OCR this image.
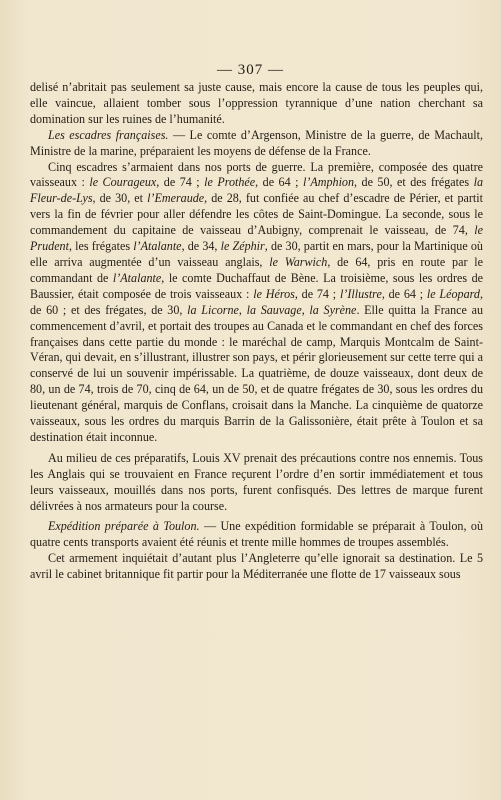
— 307 —

delisé n’abritait pas seulement sa juste cause, mais encore la cause de tous les peuples qui, elle vaincue, allaient tomber sous l’oppression tyrannique d’une nation cherchant sa domination sur les ruines de l’humanité.

Les escadres françaises. — Le comte d’Argenson, Ministre de la guerre, de Machault, Ministre de la marine, préparaient les moyens de défense de la France.

Cinq escadres s’armaient dans nos ports de guerre. La première, composée des quatre vaisseaux : le Courageux, de 74 ; le Prothée, de 64 ; l’Amphion, de 50, et des frégates la Fleur-de-Lys, de 30, et l’Emeraude, de 28, fut confiée au chef d’escadre de Périer, et partit vers la fin de février pour aller défendre les côtes de Saint-Domingue. La seconde, sous le commandement du capitaine de vaisseau d’Aubigny, comprenait le vaisseau, de 74, le Prudent, les frégates l’Atalante, de 34, le Zéphir, de 30, partit en mars, pour la Martinique où elle arriva augmentée d’un vaisseau anglais, le Warwich, de 64, pris en route par le commandant de l’Atalante, le comte Duchaffaut de Bène. La troisième, sous les ordres de Baussier, était composée de trois vaisseaux : le Héros, de 74 ; l’Illustre, de 64 ; le Léopard, de 60 ; et des frégates, de 30, la Licorne, la Sauvage, la Syrène. Elle quitta la France au commencement d’avril, et portait des troupes au Canada et le commandant en chef des forces françaises dans cette partie du monde : le maréchal de camp, Marquis Montcalm de Saint-Véran, qui devait, en s’illustrant, illustrer son pays, et périr glorieusement sur cette terre qui a conservé de lui un souvenir impérissable. La quatrième, de douze vaisseaux, dont deux de 80, un de 74, trois de 70, cinq de 64, un de 50, et de quatre frégates de 30, sous les ordres du lieutenant général, marquis de Conflans, croisait dans la Manche. La cinquième de quatorze vaisseaux, sous les ordres du marquis Barrin de la Galissonière, était prête à Toulon et sa destination était inconnue.

Au milieu de ces préparatifs, Louis XV prenait des précautions contre nos ennemis. Tous les Anglais qui se trouvaient en France reçurent l’ordre d’en sortir immédiatement et tous leurs vaisseaux, mouillés dans nos ports, furent confisqués. Des lettres de marque furent délivrées à nos armateurs pour la course.

Expédition préparée à Toulon. — Une expédition formidable se préparait à Toulon, où quatre cents transports avaient été réunis et trente mille hommes de troupes assemblés.

Cet armement inquiétait d’autant plus l’Angleterre qu’elle ignorait sa destination. Le 5 avril le cabinet britannique fit partir pour la Méditerranée une flotte de 17 vaisseaux sous
